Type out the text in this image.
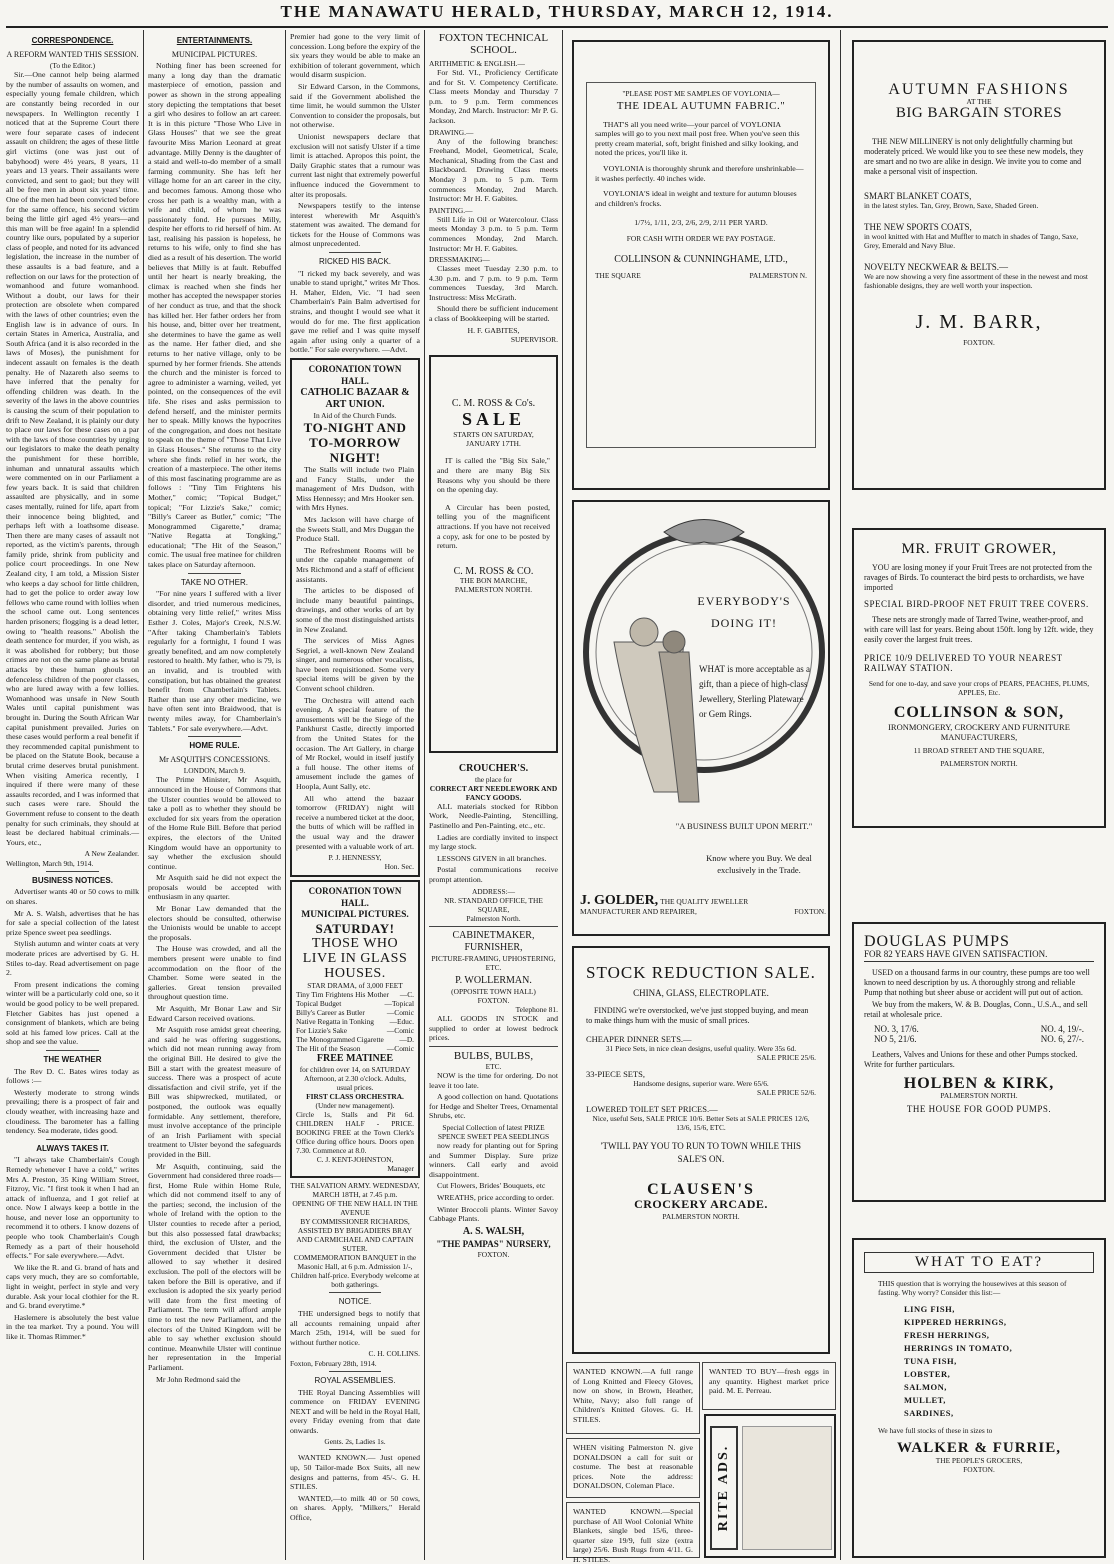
THE MANAWATU HERALD, THURSDAY, MARCH 12, 1914.
CORRESPONDENCE.
A REFORM WANTED THIS SESSION.
(To the Editor.)

Sir.—One cannot help being alarmed by the number of assaults on women, and especially young female children, which are constantly being recorded in our newspapers. In Wellington recently I noticed that at the Supreme Court there were four separate cases of indecent assault on children; the ages of these little girl victims (one was just out of babyhood) were 4½ years, 8 years, 11 years and 13 years. Their assailants were convicted, and sent to gaol; but they will all be free men in about six years' time. One of the men had been convicted before for the same offence, his second victim being the little girl aged 4½ years—and this man will be free again! In a splendid country like ours, populated by a superior class of people, and noted for its advanced legislation, the increase in the number of these assaults is a bad feature, and a reflection on our laws for the protection of womanhood and future womanhood. Without a doubt, our laws for their protection are obsolete when compared with the laws of other countries; even the English law is in advance of ours. In certain States in America, Australia, and South Africa (and it is also recorded in the laws of Moses), the punishment for indecent assault on females is the death penalty. He of Nazareth also seems to have inferred that the penalty for offending children was death. In the severity of the laws in the above countries is causing the scum of their population to drift to New Zealand, it is plainly our duty to place our laws for these cases on a par with the laws of those countries by urging our legislators to make the death penalty the punishment for these horrible, inhuman and unnatural assaults which were commented on in our Parliament a few years back. It is said that children assaulted are physically, and in some cases mentally, ruined for life, apart from their innocence being blighted, and perhaps left with a loathsome disease. Then there are many cases of assault not reported, as the victim's parents, through family pride, shrink from publicity and police court proceedings. In one New Zealand city, I am told, a Mission Sister who keeps a day school for little children, had to get the police to order away low fellows who came round with lollies when the school came out. Long sentences harden prisoners; flogging is a dead letter, owing to "health reasons." Abolish the death sentence for murder, if you wish, as it was abolished for robbery; but those crimes are not on the same plane as brutal attacks by these human ghouls on defenceless children of the poorer classes, who are lured away with a few lollies. Womanhood was unsafe in New South Wales until capital punishment was brought in. During the South African War capital punishment prevailed. Juries on these cases would perform a real benefit if they recommended capital punishment to be placed on the Statute Book, because a brutal crime deserves brutal punishment. When visiting America recently, I inquired if there were many of these assaults recorded, and I was informed that such cases were rare. Should the Government refuse to consent to the death penalty for such criminals, they should at least be declared habitual criminals.—Yours, etc.,

A New Zealander.
Wellington, March 9th, 1914.
BUSINESS NOTICES.

Advertiser wants 40 or 50 cows to milk on shares.

Mr A. S. Walsh, advertises that he has for sale a special collection of the latest prize Spence sweet pea seedlings.

Stylish autumn and winter coats at very moderate prices are advertised by G. H. Stiles to-day. Read advertisement on page 2.

From present indications the coming winter will be a particularly cold one, so it would be good policy to be well prepared. Fletcher Gabites has just opened a consignment of blankets, which are being sold at his famed low prices. Call at the shop and see the value.

THE WEATHER

The Rev D. C. Bates wires today as follows :—

Westerly moderate to strong winds prevailing; there is a prospect of fair and cloudy weather, with increasing haze and cloudiness. The barometer has a falling tendency. Sea moderate, tides good.

ALWAYS TAKES IT.

"I always take Chamberlain's Cough Remedy whenever I have a cold," writes Mrs A. Preston, 35 King William Street, Fitzroy, Vic. "I first took it when I had an attack of influenza, and I got relief at once. Now I always keep a bottle in the house, and never lose an opportunity to recommend it to others. I know dozens of people who took Chamberlain's Cough Remedy as a part of their household effects." For sale everywhere.—Advt.

We like the R. and G. brand of hats and caps very much, they are so comfortable, light in weight, perfect in style and very durable. Ask your local clothier for the R. and G. brand everytime.*

Haslemere is absolutely the best value in the tea market. Try a pound. You will like it. Thomas Rimmer.*

ENTERTAINMENTS.
MUNICIPAL PICTURES.

Nothing finer has been screened for many a long day than the dramatic masterpiece of emotion, passion and power as shown in the strong appealing story depicting the temptations that beset a girl who desires to follow an art career. It is in this picture "Those Who Live in Glass Houses" that we see the great favourite Miss Marion Leonard at great advantage. Milly Denny is the daughter of a staid and well-to-do member of a small farming community. She has left her village home for an art career in the city, and becomes famous. Among those who cross her path is a wealthy man, with a wife and child, of whom he was passionately fond. He pursues Milly, despite her efforts to rid herself of him. At last, realising his passion is hopeless, he returns to his wife, only to find she has died as a result of his desertion. The world believes that Milly is at fault. Rebuffed until her heart is nearly breaking, the climax is reached when she finds her mother has accepted the newspaper stories of her conduct as true, and that the shock has killed her. Her father orders her from his house, and, bitter over her treatment, she determines to have the game as well as the name. Her father died, and she returns to her native village, only to be spurned by her former friends. She attends the church and the minister is forced to agree to administer a warning, veiled, yet pointed, on the consequences of the evil life. She rises and asks permission to defend herself, and the minister permits her to speak. Milly knows the hypocrites of the congregation, and does not hesitate to speak on the theme of "Those That Live in Glass Houses." She returns to the city where she finds relief in her work, the creation of a masterpiece. The other items of this most fascinating programme are as follows : "Tiny Tim Frightens his Mother," comic; "Topical Budget," topical; "For Lizzie's Sake," comic; "Billy's Career as Butler," comic; "The Monogrammed Cigarette," drama; "Native Regatta at Tongking," educational; "The Hit of the Season," comic. The usual free matinee for children takes place on Saturday afternoon.

TAKE NO OTHER.

"For nine years I suffered with a liver disorder, and tried numerous medicines, obtaining very little relief," writes Miss Esther J. Coles, Major's Creek, N.S.W. "After taking Chamberlain's Tablets regularly for a fortnight, I found I was greatly benefited, and am now completely restored to health. My father, who is 79, is an invalid, and is troubled with constipation, but has obtained the greatest benefit from Chamberlain's Tablets. Rather than use any other medicine, we have often sent into Braidwood, that is twenty miles away, for Chamberlain's Tablets." For sale everywhere.—Advt.

HOME RULE.
Mr ASQUITH'S CONCESSIONS.
LONDON, March 9.

The Prime Minister, Mr Asquith, announced in the House of Commons that the Ulster counties would be allowed to take a poll as to whether they should be excluded for six years from the operation of the Home Rule Bill. Before that period expires, the electors of the United Kingdom would have an opportunity to say whether the exclusion should continue.

Mr Asquith said he did not expect the proposals would be accepted with enthusiasm in any quarter.

Mr Bonar Law demanded that the electors should be consulted, otherwise the Unionists would be unable to accept the proposals.

The House was crowded, and all the members present were unable to find accommodation on the floor of the Chamber. Some were seated in the galleries. Great tension prevailed throughout question time.

Mr Asquith, Mr Bonar Law and Sir Edward Carson received ovations.

Mr Asquith rose amidst great cheering, and said he was offering suggestions, which did not mean running away from the original Bill. He desired to give the Bill a start with the greatest measure of success. There was a prospect of acute dissatisfaction and civil strife, yet if the Bill was shipwrecked, mutilated, or postponed, the outlook was equally formidable. Any settlement, therefore, must involve acceptance of the principle of an Irish Parliament with special treatment to Ulster beyond the safeguards provided in the Bill.

Mr Asquith, continuing, said the Government had considered three roads—first, Home Rule within Home Rule, which did not commend itself to any of the parties; second, the inclusion of the whole of Ireland with the option to the Ulster counties to recede after a period, but this also possessed fatal drawbacks; third, the exclusion of Ulster, and the Government decided that Ulster be allowed to say whether it desired exclusion. The poll of the electors will be taken before the Bill is operative, and if exclusion is adopted the six yearly period will date from the first meeting of Parliament. The term will afford ample time to test the new Parliament, and the electors of the United Kingdom will be able to say whether exclusion should continue. Meanwhile Ulster will continue her representation in the Imperial Parliament.

Mr John Redmond said the

Premier had gone to the very limit of concession. Long before the expiry of the six years they would be able to make an exhibition of tolerant government, which would disarm suspicion.

Sir Edward Carson, in the Commons, said if the Government abolished the time limit, he would summon the Ulster Convention to consider the proposals, but not otherwise.

Unionist newspapers declare that exclusion will not satisfy Ulster if a time limit is attached. Apropos this point, the Daily Graphic states that a rumour was current last night that extremely powerful influence induced the Government to alter its proposals.

Newspapers testify to the intense interest wherewith Mr Asquith's statement was awaited. The demand for tickets for the House of Commons was almost unprecedented.

RICKED HIS BACK.

"I ricked my back severely, and was unable to stand upright," writes Mr Thos. H. Maher, Elden, Vic. "I had seen Chamberlain's Pain Balm advertised for strains, and thought I would see what it would do for me. The first application gave me relief and I was quite myself again after using only a quarter of a bottle." For sale everywhere. —Advt.

CORONATION TOWN HALL.
CATHOLIC BAZAAR & ART UNION.
In Aid of the Church Funds.
TO-NIGHT AND TO-MORROW NIGHT!

The Stalls will include two Plain and Fancy Stalls, under the management of Mrs Dudson, with Miss Hennessy; and Mrs Hooker sen. with Mrs Hynes.

Mrs Jackson will have charge of the Sweets Stall, and Mrs Duggan the Produce Stall.

The Refreshment Rooms will be under the capable management of Mrs Richmond and a staff of efficient assistants.

The articles to be disposed of include many beautiful paintings, drawings, and other works of art by some of the most distinguished artists in New Zealand.

The services of Miss Agnes Segriel, a well-known New Zealand singer, and numerous other vocalists, have been requisitioned. Some very special items will be given by the Convent school children.

The Orchestra will attend each evening. A special feature of the amusements will be the Siege of the Pankhurst Castle, directly imported from the United States for the occasion. The Art Gallery, in charge of Mr Rockel, would in itself justify a full house. The other items of amusement include the games of Hoopla, Aunt Sally, etc.

All who attend the bazaar tomorrow (FRIDAY) night will receive a numbered ticket at the door, the butts of which will be raffled in the usual way and the drawer presented with a valuable work of art.

P. J. HENNESSY,
Hon. Sec.
CORONATION TOWN HALL.
MUNICIPAL PICTURES.
SATURDAY!
THOSE WHO LIVE IN GLASS HOUSES.
STAR DRAMA, of 3,000 FEET
Tiny Tim Frightens His Mother —C.
Topical Budget	—Topical
Billy's Career as Butler	—Comic
Native Regatta in Tonking —Educ.
For Lizzie's Sake	—Comic
The Monogrammed Cigarette —D.
The Hit of the Season	—Comic
FREE MATINEE
for children over 14, on SATURDAY Afternoon, at 2.30 o'clock. Adults, usual prices.
FIRST CLASS ORCHESTRA.
(Under new management).
Circle 1s, Stalls and Pit 6d. CHILDREN HALF - PRICE. BOOKING FREE at the Town Clerk's Office during office hours. Doors open 7.30. Commence at 8.0.
C. J. KENT-JOHNSTON,
Manager
THE SALVATION ARMY. WEDNESDAY, MARCH 18TH, at 7.45 p.m.
OPENING OF THE NEW HALL IN THE AVENUE
BY COMMISSIONER RICHARDS, ASSISTED BY BRIGADIERS BRAY AND CARMICHAEL AND CAPTAIN SUTER.
COMMEMORATION BANQUET in the Masonic Hall, at 6 p.m. Admission 1/-, Children half-price. Everybody welcome at both gatherings.
NOTICE.

THE undersigned begs to notify that all accounts remaining unpaid after March 25th, 1914, will be sued for without further notice.

C. H. COLLINS.
Foxton, February 28th, 1914.
ROYAL ASSEMBLIES.

THE Royal Dancing Assemblies will commence on FRIDAY EVENING NEXT and will be held in the Royal Hall, every Friday evening from that date onwards.

Gents. 2s, Ladies 1s.

WANTED KNOWN.— Just opened up, 50 Tailor-made Box Suits, all new designs and patterns, from 45/-. G. H. STILES.

WANTED,—to milk 40 or 50 cows, on shares. Apply, "Milkers," Herald Office,

FOXTON TECHNICAL SCHOOL.
ARITHMETIC & ENGLISH.—

For Std. VI., Proficiency Certificate and for St. V. Competency Certificate. Class meets Monday and Thursday 7 p.m. to 9 p.m. Term commences Monday, 2nd March. Instructor: Mr P. G. Jackson.

DRAWING.—

Any of the following branches: Freehand, Model, Geometrical, Scale, Mechanical, Shading from the Cast and Blackboard. Drawing Class meets Monday 3 p.m. to 5 p.m. Term commences Monday, 2nd March. Instructor: Mr H. F. Gabites.

PAINTING.—

Still Life in Oil or Watercolour. Class meets Monday 3 p.m. to 5 p.m. Term commences Monday, 2nd March. Instructor: Mr H. F. Gabites.

DRESSMAKING—

Classes meet Tuesday 2.30 p.m. to 4.30 p.m. and 7 p.m. to 9 p.m. Term commences Tuesday, 3rd March. Instructress: Miss McGrath.

Should there be sufficient inducement a class of Bookkeeping will be started.

H. F. GABITES,
SUPERVISOR.
C. M. ROSS & Co's.
SALE
STARTS ON SATURDAY, JANUARY 17TH.

IT is called the "Big Six Sale," and there are many Big Six Reasons why you should be there on the opening day.

A Circular has been posted, telling you of the magnificent attractions. If you have not received a copy, ask for one to be posted by return.

C. M. ROSS & CO.
THE BON MARCHE,
PALMERSTON NORTH.
CROUCHER'S.
the place for
CORRECT ART NEEDLEWORK AND FANCY GOODS.

ALL materials stocked for Ribbon Work, Needle-Painting, Stencilling, Pastinello and Pen-Painting, etc., etc.

Ladies are cordially invited to inspect my large stock.

LESSONS GIVEN in all branches.

Postal communications receive prompt attention.

ADDRESS:—
NR. STANDARD OFFICE, THE SQUARE,
Palmerston North.
CABINETMAKER, FURNISHER,
PICTURE-FRAMING, UPHOSTERING, ETC.
P. WOLLERMAN.
(OPPOSITE TOWN HALL)
FOXTON.
Telephone 81.

ALL GOODS IN STOCK and supplied to order at lowest bedrock prices.

BULBS, BULBS,
ETC.

NOW is the time for ordering. Do not leave it too late.

A good collection on hand. Quotations for Hedge and Shelter Trees, Ornamental Shrubs, etc.

Special Collection of latest PRIZE SPENCE SWEET PEA SEEDLINGS

now ready for planting out for Spring and Summer Display. Sure prize winners. Call early and avoid disappointment.

Cut Flowers, Brides' Bouquets, etc

WREATHS, price according to order.

Winter Broccoli plants. Winter Savoy Cabbage Plants.

A. S. WALSH,
"THE PAMPAS" NURSERY,
FOXTON.
"PLEASE POST ME SAMPLES OF VOYLONIA—
THE IDEAL AUTUMN FABRIC."

THAT'S all you need write—your parcel of VOYLONIA samples will go to you next mail post free. When you've seen this pretty cream material, soft, bright finished and silky looking, and noted the prices, you'll like it.

VOYLONIA is thoroughly shrunk and therefore unshrinkable—it washes perfectly. 40 inches wide.

VOYLONIA'S ideal in weight and texture for autumn blouses and children's frocks.

1/7½, 1/11, 2/3, 2/6, 2/9, 2/11 PER YARD.
FOR CASH WITH ORDER WE PAY POSTAGE.
COLLINSON & CUNNINGHAME, LTD.,
THE SQUARE	PALMERSTON N.
EVERYBODY'S
DOING IT!
WHAT is more acceptable as a gift, than a piece of high-class Jewellery, Sterling Plateware or Gem Rings.
"A BUSINESS BUILT UPON MERIT."
Know where you Buy. We deal exclusively in the Trade.
J. GOLDER, THE QUALITY JEWELLER
MANUFACTURER AND REPAIRER,	FOXTON.
STOCK REDUCTION SALE.
CHINA, GLASS, ELECTROPLATE.

FINDING we're overstocked, we've just stopped buying, and mean to make things hum with the music of small prices.

CHEAPER DINNER SETS.—
31 Piece Sets, in nice clean designs, useful quality. Were 35s 6d.
SALE PRICE 25/6.
33-PIECE SETS,
Handsome designs, superior ware. Were 65/6.
SALE PRICE 52/6.
LOWERED TOILET SET PRICES.—
Nice, useful Sets, SALE PRICE 10/6. Better Sets at SALE PRICES 12/6, 13/6, 15/6, ETC.
'TWILL PAY YOU TO RUN TO TOWN WHILE THIS SALE'S ON.
CLAUSEN'S
CROCKERY ARCADE.
PALMERSTON NORTH.
WANTED KNOWN.—A full range of Long Knitted and Fleecy Gloves, now on show, in Brown, Heather, White, Navy; also full range of Children's Knitted Gloves. G. H. STILES.
WANTED TO BUY—fresh eggs in any quantity. Highest market price paid. M. E. Perreau.
WHEN visiting Palmerston N. give DONALDSON a call for suit or costume. The best at reasonable prices. Note the address: DONALDSON, Coleman Place.
WANTED KNOWN.—Special purchase of All Wool Colonial White Blankets, single bed 15/6, three-quarter size 19/9, full size (extra large) 25/6. Bush Rugs from 4/11. G. H. STILES.
RITE ADS.
AUTUMN FASHIONS
AT THE
BIG BARGAIN STORES

THE NEW MILLINERY is not only delightfully charming but moderately priced. We would like you to see these new models, they are smart and no two are alike in design. We invite you to come and make a personal visit of inspection.

SMART BLANKET COATS,
in the latest styles. Tan, Grey, Brown, Saxe, Shaded Green.
THE NEW SPORTS COATS,
in wool knitted with Hat and Muffler to match in shades of Tango, Saxe, Grey, Emerald and Navy Blue.
NOVELTY NECKWEAR & BELTS.—
We are now showing a very fine assortment of these in the newest and most fashionable designs, they are well worth your inspection.
J. M. BARR,
FOXTON.
MR. FRUIT GROWER,

YOU are losing money if your Fruit Trees are not protected from the ravages of Birds. To counteract the bird pests to orchardists, we have imported

SPECIAL BIRD-PROOF NET FRUIT TREE COVERS.

These nets are strongly made of Tarred Twine, weather-proof, and with care will last for years. Being about 150ft. long by 12ft. wide, they easily cover the largest fruit trees.

PRICE 10/9 DELIVERED TO YOUR NEAREST RAILWAY STATION.
Send for one to-day, and save your crops of PEARS, PEACHES, PLUMS, APPLES, Etc.
COLLINSON & SON,
IRONMONGERY, CROCKERY AND FURNITURE MANUFACTURERS,
11 BROAD STREET AND THE SQUARE,
PALMERSTON NORTH.
DOUGLAS PUMPS
FOR 82 YEARS HAVE GIVEN SATISFACTION.

USED on a thousand farms in our country, these pumps are too well known to need description by us. A thoroughly strong and reliable Pump that nothing but sheer abuse or accident will put out of action.

We buy from the makers, W. & B. Douglas, Conn., U.S.A., and sell retail at wholesale price.

NO. 3, 17/6.	NO. 4, 19/-.
NO 5, 21/6.	NO. 6, 27/-.

Leathers, Valves and Unions for these and other Pumps stocked. Write for further particulars.

HOLBEN & KIRK,
PALMERSTON NORTH.
THE HOUSE FOR GOOD PUMPS.
WHAT TO EAT?
THIS question that is worrying the housewives at this season of fasting. Why worry? Consider this list:—
LING FISH,
KIPPERED HERRINGS,
FRESH HERRINGS,
HERRINGS IN TOMATO,
TUNA FISH,
LOBSTER,
SALMON,
MULLET,
SARDINES,
We have full stocks of these in sizes to
WALKER & FURRIE,
THE PEOPLE'S GROCERS,
FOXTON.
